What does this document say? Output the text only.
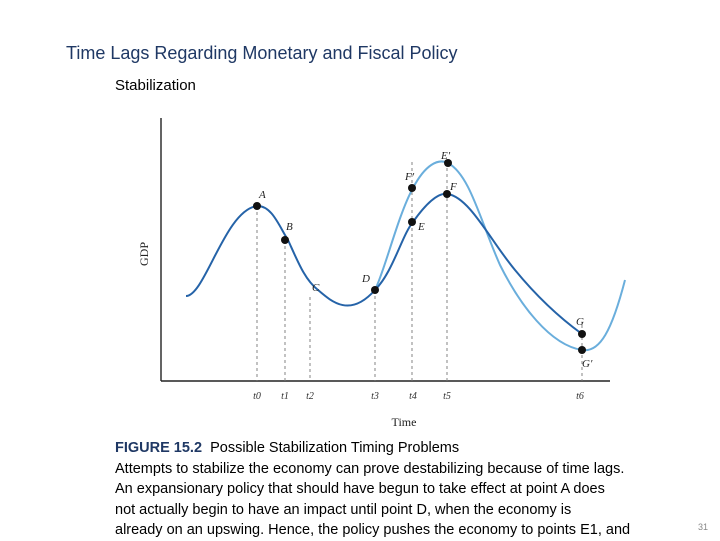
Time Lags Regarding Monetary and Fiscal Policy
Stabilization
GDP
Time
A
B
C
D
E
F
E′
F′
G
G′
t0 t1 t2	t3	t4	t5	t6
FIGURE 15.2 Possible Stabilization Timing Problems
Attempts to stabilize the economy can prove destabilizing because of time lags.
An expansionary policy that should have begun to take effect at point A does
not actually begin to have an impact until point D, when the economy is
already on an upswing. Hence, the policy pushes the economy to points E1, and	31
